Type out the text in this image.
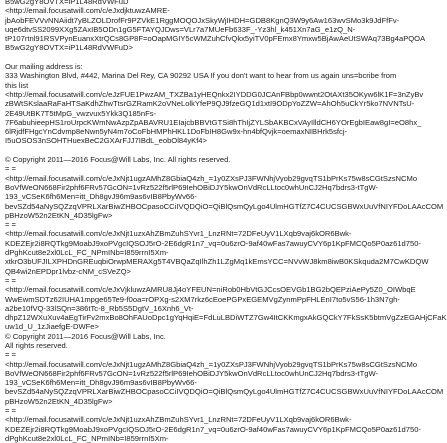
B5wG2gY8OVTX=iP1L48RdVWFuD
<http://email.focusatwill.com/c/eJxdjktuwzAMRE-
jbAobFEVVvNNAiidt7yBLZOLDrofFr9PZVkE1RggMOQOJxSkyWjIHDH=GDB8KgnQ3W9y6Aw163wvSMo3k9JdFfFv-
uqe6dtvSS2099XXg5ZAxIB5ODn1gG5FTAYQJDws=VLr7a7MUeFb633F_-Yz3hl_k451Xn7aG_e1zQ_N-
tP107rtnl91RSVPynEuanxXtrQCs8GP8F=oOapMGIY5cWMZuhCfvQkx5yiTV0pFEmx8Ymxw5BjAwAeUtSWAq73Bg4aPQOA
B5wG2gY8OVTX=iP1L48RdVWFuD>
Our mailing address is:
333 Washington Blvd, #442, Marina Del Rey, CA 90292 USA If you don't want to hear from us again uns=bcribe from
this list
<http://email.focusatwill.com/c/eJzFUE1PwzAM_TXZBa1yHEQnkx2IYDDG0JCAnFBbp0wwnt2OtAXt35OKyw6lK1F=3nZyBv
zBWtSKslaaRaFaHTSaKdhZhwTtsrGZRamK2oVNeLolkYfeP9QJ9fzeGQ1d1xtI9ODpYoZZW=AhOh5uCkYr5ko7NVNTsU-
2E49UtBK7T5tMpG_vwzvux5Ykk3Q185nFs-
7F6abuhieepHS1roUrpcKWmNwAzpZpABAVRU1EIajcbBBVtGTSi8hThIjZYLSbAKBCxVAyIlldCH6YOrEgbIEaw8gI=eO8hx_
6lRjdfFHgcYnCdvmp8eNwn5yN4m7oCoFbHMPhHKL1DoFbIH8Gw9x-hn4bfQvjk=oemaxNIBHrk5sfcj-
I5uOSOS3nSOHTHuexBeC2GXArFJJ7IBdL_eobOl84yKf4>
© Copyright 2011—2016 Focus@Will Labs, Inc. All rights reserved.
= =
<http://email.focusatwill.com/c/eJxNjt1ugzAMhZ8GbiaQ4zh_=1y0ZXsPJ3FWNhjVyob29gvqTS1bPrKs75w8sCGtSzsNCMo
BoVfWeON668Fir2phf6FRv57GcON=1vRz522f5rlP69IehOBiDJY5kwOnVdRcLLtoc0whUnCJ2Hq7bdrs3-tTgW-
193_vCSeK6fh6Men=itt_Dh8gvJ96m9as6vIB8PbyWv66-
bevSZd54aNySQZzqVPRLXarBiwZHBOCpasoCCiIVQDQiO=QiBlQsmQyLgo4UlmHGTfZ7C4CUCSGBWxUuVfNIYFDoLAAcCOM
pBHzoW52n2EtKN_4D35lgFw>
= =
<http://email.focusatwill.com/c/eJxNjt1uzxAhZBmZuhSYvr1_LnzRNt=72DFeUyV1LXqb9vaj6kOR6Bwk-
KDEZEjr2i8RQTkg9MoabJ9xoPVgcIQSOJ5rO-2E6dgR1n7_vq=0u6zrO-9af40wFas7awuyCVY6p1KpFMCQo5P0az61d750-
dPghKcut8e2xl0LcL_FC_NPmINb=I859rrnI5Xm-
xtkrO3bUFJILXPHDnGREuqbiOrwpMERAXg5T4VBQaZqIlhZh1LZgMq1kEmsYCC=NVvWJ8km8iwB0KSkquda2M7CwKDQW
QB4wi2nEPDpr1lvbz-cNM_cSVeZQ>
= =
<http://email.focusatwill.com/c/eJxVjkluwzAMRU8Jj4oYFEUN=niRob0HbVtGJCcsOEVGb1BG2bQEPziAePy5Z0_OIWbqE
WwEwmSDTz62IUHA1mpge65Te9-f0oa=rOPXg-s2XM7rkz6cEoePGPxEGEMVgZynmPpFHLEnI7to5vS56-1h3N7gh-
a2be10fVQ-33lSQn=386tTc-8_Rb5S5DgtV_16Xnh6_Vt-
dhpZ12WXuXuv4aEgTirFv2mxBo8OhFAUoDpc1gYqHqiE=FdLuLBDiWTZ7Gw4ItCKKmgxAkGQCkY7FkSsK5btmVgZzEGAHjCFaK
uw1d_U_1zJiaefgE-DWFe>
© Copyright 2011—2016 Focus@Will Labs, Inc.
All rights reserved.
= =
<http://email.focusatwill.com/c/eJxNjt1ugzAMhZ8GbiaQ4zh_=1y0ZXsPJ3FWNhjVyob29gvqTS1bPrKs75w8sCGtSzsNCMo
BoVfWeON668Fir2phf6FRv57GcON=1vRz522f5rlP69IehOBiDJY5kwOnVdRcLLtoc0whUnCJ2Hq7bdrs3-tTgW-
193_vCSeK6fh6Men=itt_Dh8gvJ96m9as6vIB8PbyWv66-
bevSZd54aNySQZzqVPRLXarBiwZHBOCpasoCCiIVQDQiO=QiBlQsmQyLgo4UlmHGTfZ7C4CUCSGBWxUuVfNIYFDoLAAcCOM
pBHzoW52n2EtKN_4D35lgFw>
= =
<http://email.focusatwill.com/c/eJxNjt1uzxAhZBmZuhSYvr1_LnzRNt=72DFeUyV1LXqb9vaj6kOR6Bwk-
KDEZEjr2i8RQTkg9MoabJ9xoPVgcIQSOJ5rO-2E6dgR1n7_vq=0u6zrO-9af40wFas7awuyCVY6p1KpFMCQo5P0az61d750-
dPghKcut8e2xl0LcL_FC_NPmINb=I859rrnI5Xm-
